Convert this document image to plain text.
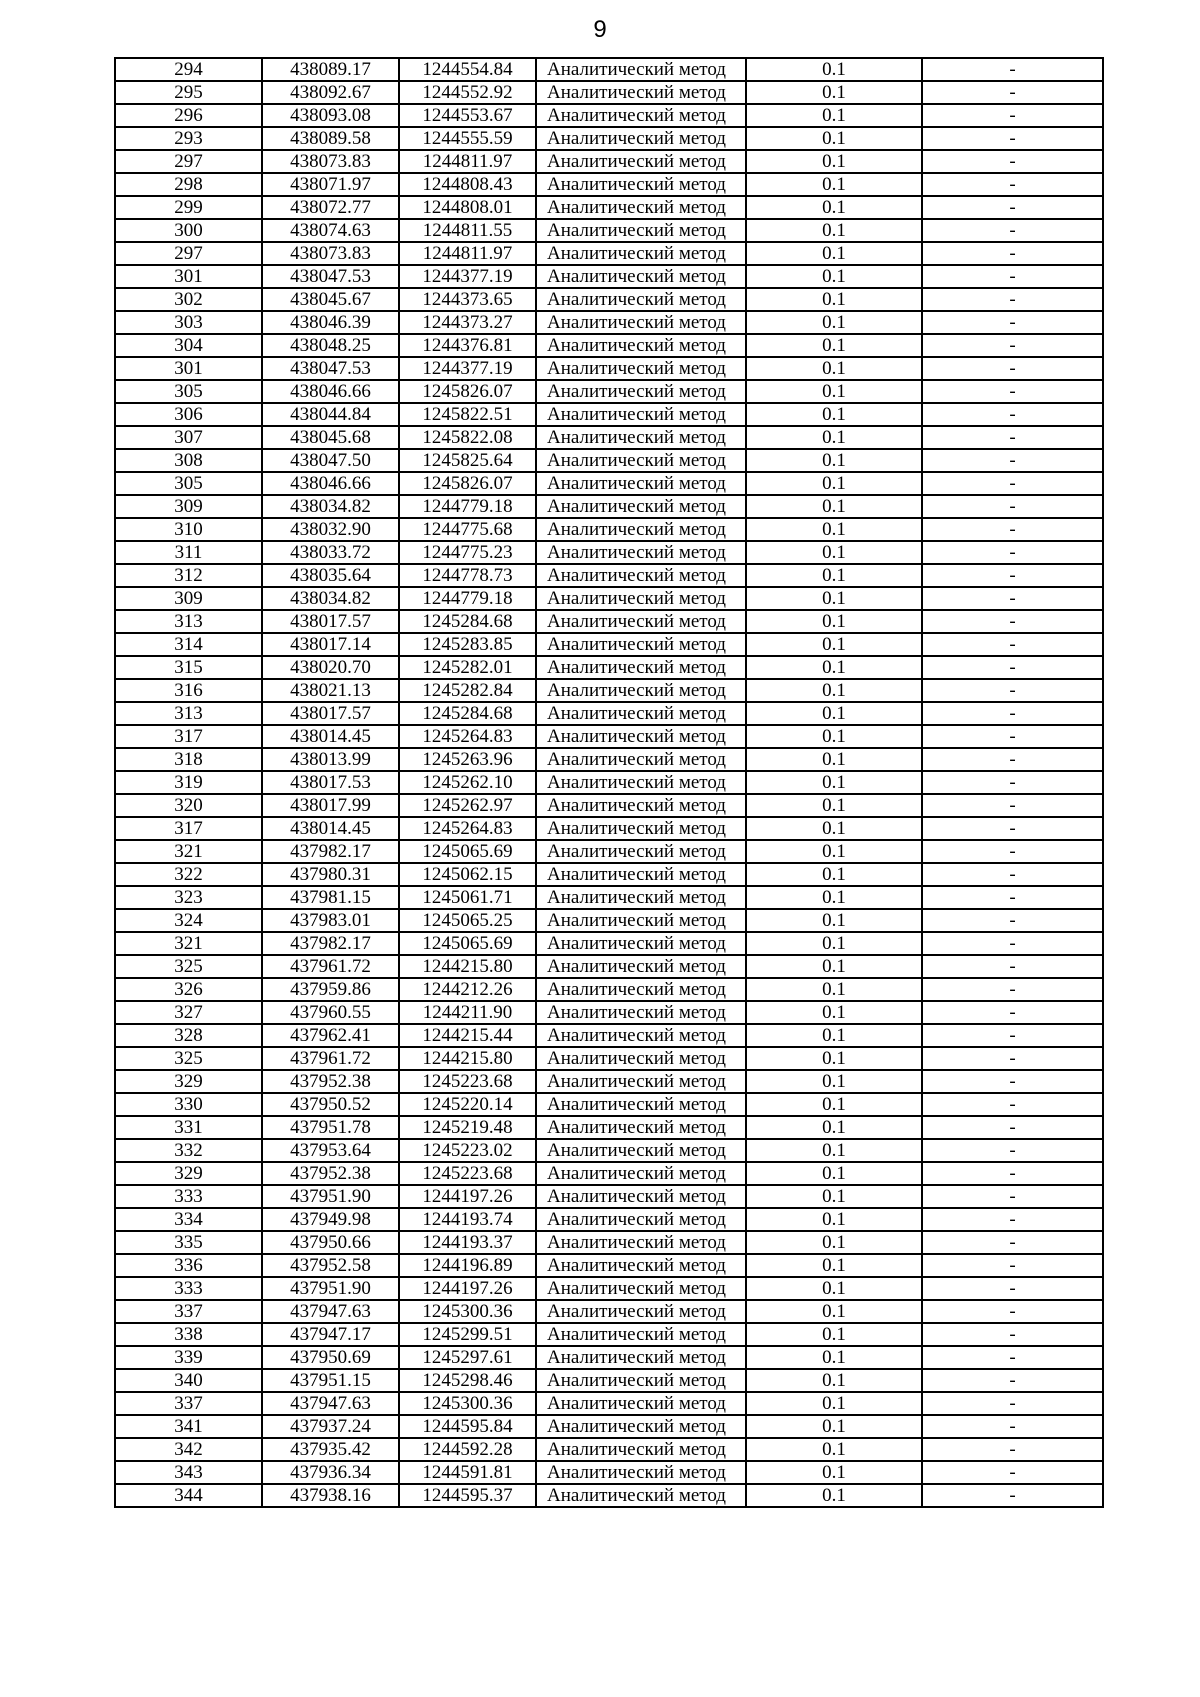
9
294	438089.17	1244554.84	Аналитический метод	0.1	-
295	438092.67	1244552.92	Аналитический метод	0.1	-
296	438093.08	1244553.67	Аналитический метод	0.1	-
293	438089.58	1244555.59	Аналитический метод	0.1	-
297	438073.83	1244811.97	Аналитический метод	0.1	-
298	438071.97	1244808.43	Аналитический метод	0.1	-
299	438072.77	1244808.01	Аналитический метод	0.1	-
300	438074.63	1244811.55	Аналитический метод	0.1	-
297	438073.83	1244811.97	Аналитический метод	0.1	-
301	438047.53	1244377.19	Аналитический метод	0.1	-
302	438045.67	1244373.65	Аналитический метод	0.1	-
303	438046.39	1244373.27	Аналитический метод	0.1	-
304	438048.25	1244376.81	Аналитический метод	0.1	-
301	438047.53	1244377.19	Аналитический метод	0.1	-
305	438046.66	1245826.07	Аналитический метод	0.1	-
306	438044.84	1245822.51	Аналитический метод	0.1	-
307	438045.68	1245822.08	Аналитический метод	0.1	-
308	438047.50	1245825.64	Аналитический метод	0.1	-
305	438046.66	1245826.07	Аналитический метод	0.1	-
309	438034.82	1244779.18	Аналитический метод	0.1	-
310	438032.90	1244775.68	Аналитический метод	0.1	-
311	438033.72	1244775.23	Аналитический метод	0.1	-
312	438035.64	1244778.73	Аналитический метод	0.1	-
309	438034.82	1244779.18	Аналитический метод	0.1	-
313	438017.57	1245284.68	Аналитический метод	0.1	-
314	438017.14	1245283.85	Аналитический метод	0.1	-
315	438020.70	1245282.01	Аналитический метод	0.1	-
316	438021.13	1245282.84	Аналитический метод	0.1	-
313	438017.57	1245284.68	Аналитический метод	0.1	-
317	438014.45	1245264.83	Аналитический метод	0.1	-
318	438013.99	1245263.96	Аналитический метод	0.1	-
319	438017.53	1245262.10	Аналитический метод	0.1	-
320	438017.99	1245262.97	Аналитический метод	0.1	-
317	438014.45	1245264.83	Аналитический метод	0.1	-
321	437982.17	1245065.69	Аналитический метод	0.1	-
322	437980.31	1245062.15	Аналитический метод	0.1	-
323	437981.15	1245061.71	Аналитический метод	0.1	-
324	437983.01	1245065.25	Аналитический метод	0.1	-
321	437982.17	1245065.69	Аналитический метод	0.1	-
325	437961.72	1244215.80	Аналитический метод	0.1	-
326	437959.86	1244212.26	Аналитический метод	0.1	-
327	437960.55	1244211.90	Аналитический метод	0.1	-
328	437962.41	1244215.44	Аналитический метод	0.1	-
325	437961.72	1244215.80	Аналитический метод	0.1	-
329	437952.38	1245223.68	Аналитический метод	0.1	-
330	437950.52	1245220.14	Аналитический метод	0.1	-
331	437951.78	1245219.48	Аналитический метод	0.1	-
332	437953.64	1245223.02	Аналитический метод	0.1	-
329	437952.38	1245223.68	Аналитический метод	0.1	-
333	437951.90	1244197.26	Аналитический метод	0.1	-
334	437949.98	1244193.74	Аналитический метод	0.1	-
335	437950.66	1244193.37	Аналитический метод	0.1	-
336	437952.58	1244196.89	Аналитический метод	0.1	-
333	437951.90	1244197.26	Аналитический метод	0.1	-
337	437947.63	1245300.36	Аналитический метод	0.1	-
338	437947.17	1245299.51	Аналитический метод	0.1	-
339	437950.69	1245297.61	Аналитический метод	0.1	-
340	437951.15	1245298.46	Аналитический метод	0.1	-
337	437947.63	1245300.36	Аналитический метод	0.1	-
341	437937.24	1244595.84	Аналитический метод	0.1	-
342	437935.42	1244592.28	Аналитический метод	0.1	-
343	437936.34	1244591.81	Аналитический метод	0.1	-
344	437938.16	1244595.37	Аналитический метод	0.1	-
